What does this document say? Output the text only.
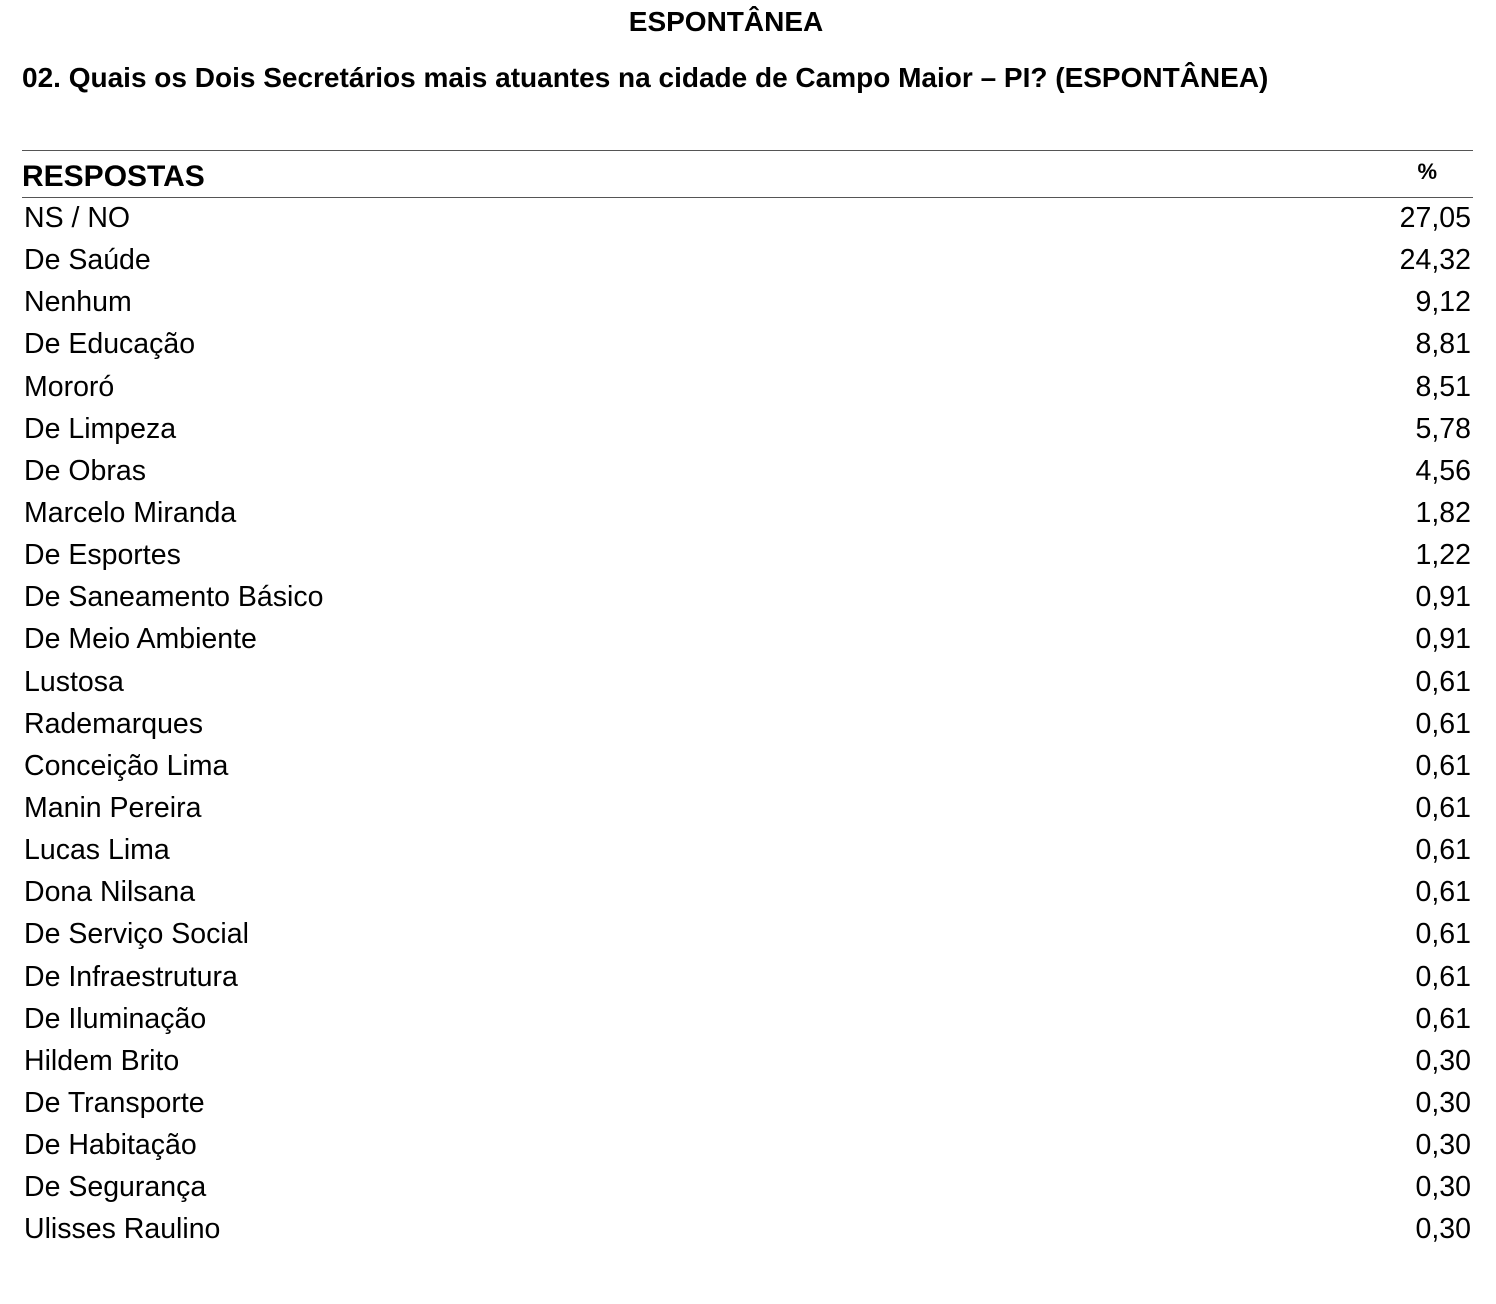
ESPONTÂNEA
02. Quais os Dois Secretários mais atuantes na cidade de Campo Maior – PI? (ESPONTÂNEA)
RESPOSTAS	%
NS / NO	27,05
De Saúde	24,32
Nenhum	9,12
De Educação	8,81
Mororó	8,51
De Limpeza	5,78
De Obras	4,56
Marcelo Miranda	1,82
De Esportes	1,22
De Saneamento Básico	0,91
De Meio Ambiente	0,91
Lustosa	0,61
Rademarques	0,61
Conceição Lima	0,61
Manin Pereira	0,61
Lucas Lima	0,61
Dona Nilsana	0,61
De Serviço Social	0,61
De Infraestrutura	0,61
De Iluminação	0,61
Hildem Brito	0,30
De Transporte	0,30
De Habitação	0,30
De Segurança	0,30
Ulisses Raulino	0,30
